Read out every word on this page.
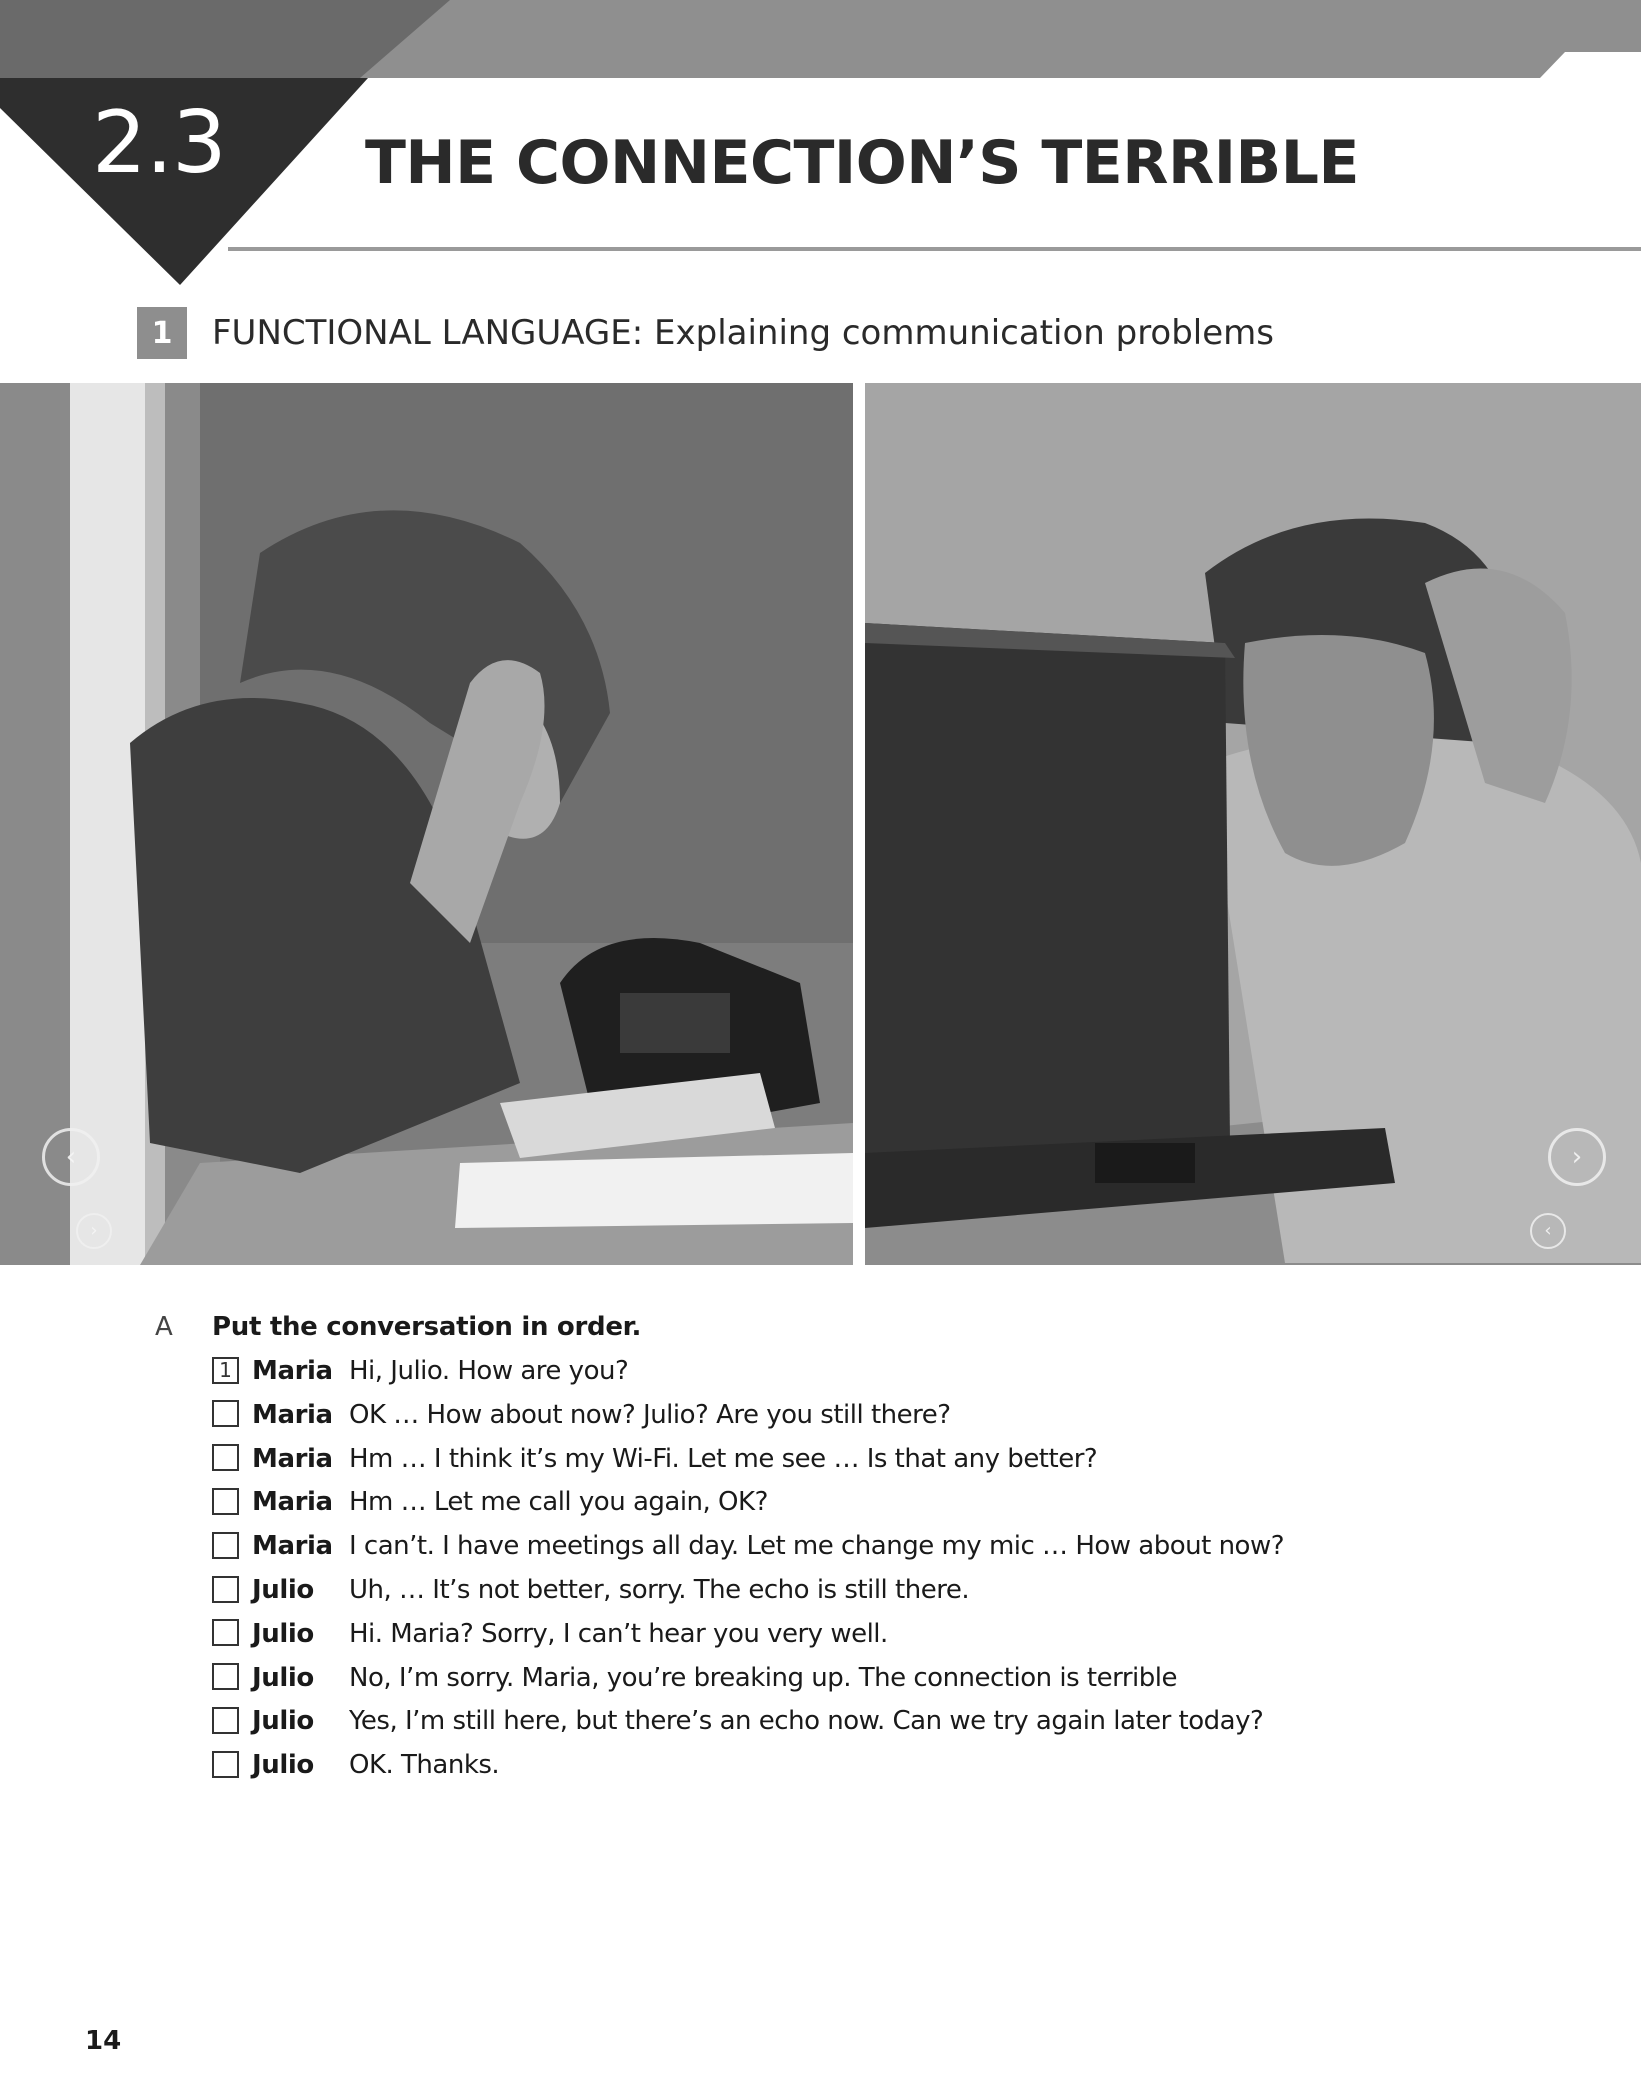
2.3	THE CONNECTION’S TERRIBLE
1	FUNCTIONAL LANGUAGE: Explaining communication problems
‹
›
›
‹
A Put the conversation in order.
1 Maria Hi, Julio. How are you?
Maria OK … How about now? Julio? Are you still there?
Maria Hm … I think it’s my Wi-Fi. Let me see … Is that any better?
Maria Hm … Let me call you again, OK?
Maria I can’t. I have meetings all day. Let me change my mic … How about now?
Julio Uh, … It’s not better, sorry. The echo is still there.
Julio Hi. Maria? Sorry, I can’t hear you very well.
Julio No, I’m sorry. Maria, you’re breaking up. The connection is terrible
Julio Yes, I’m still here, but there’s an echo now. Can we try again later today?
Julio OK. Thanks.
14
